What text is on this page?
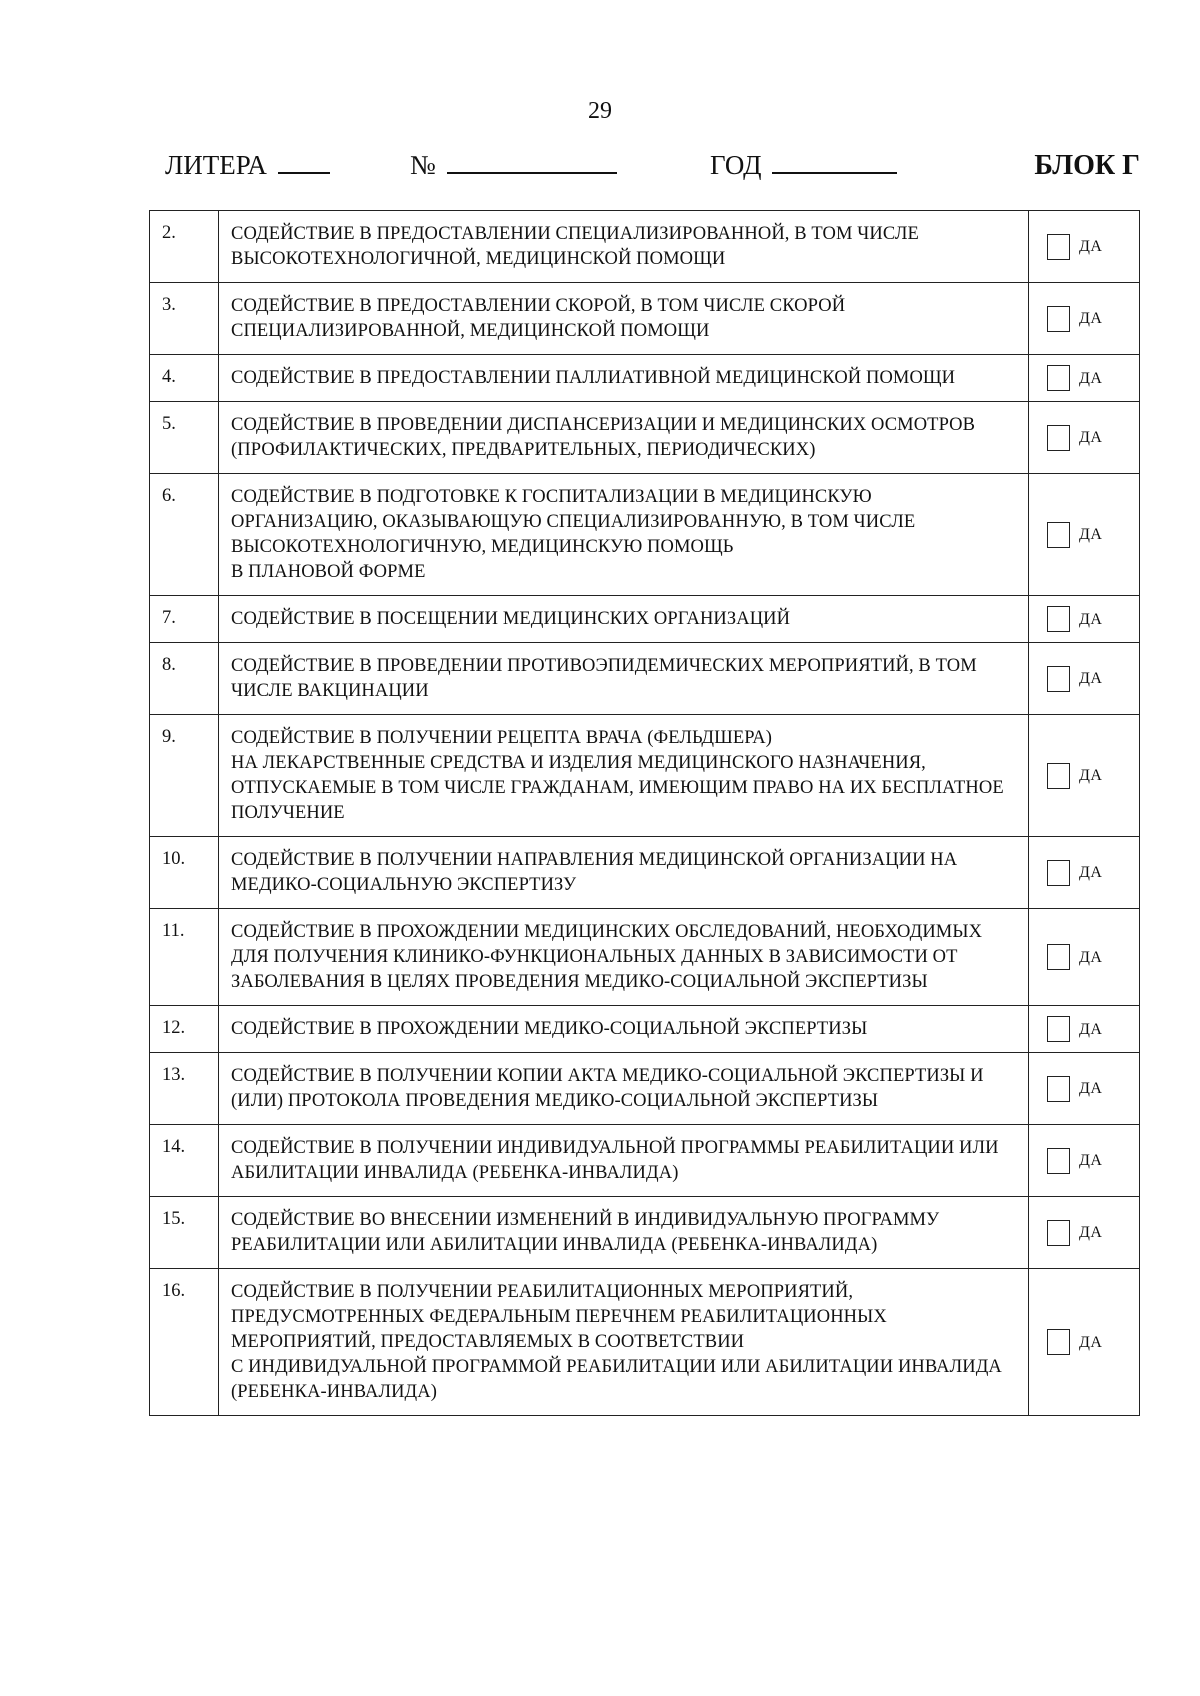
29
ЛИТЕРА	№	ГОД	БЛОК Г
2.	СОДЕЙСТВИЕ В ПРЕДОСТАВЛЕНИИ СПЕЦИАЛИЗИРОВАННОЙ, В ТОМ ЧИСЛЕ
ВЫСОКОТЕХНОЛОГИЧНОЙ, МЕДИЦИНСКОЙ ПОМОЩИ	ДА

3.	СОДЕЙСТВИЕ В ПРЕДОСТАВЛЕНИИ СКОРОЙ, В ТОМ ЧИСЛЕ СКОРОЙ
СПЕЦИАЛИЗИРОВАННОЙ, МЕДИЦИНСКОЙ ПОМОЩИ	ДА

4.	СОДЕЙСТВИЕ В ПРЕДОСТАВЛЕНИИ ПАЛЛИАТИВНОЙ МЕДИЦИНСКОЙ ПОМОЩИ	ДА

5.	СОДЕЙСТВИЕ В ПРОВЕДЕНИИ ДИСПАНСЕРИЗАЦИИ И МЕДИЦИНСКИХ ОСМОТРОВ
(ПРОФИЛАКТИЧЕСКИХ, ПРЕДВАРИТЕЛЬНЫХ, ПЕРИОДИЧЕСКИХ)	ДА

6.	СОДЕЙСТВИЕ В ПОДГОТОВКЕ К ГОСПИТАЛИЗАЦИИ В МЕДИЦИНСКУЮ
ОРГАНИЗАЦИЮ, ОКАЗЫВАЮЩУЮ СПЕЦИАЛИЗИРОВАННУЮ, В ТОМ ЧИСЛЕ
ВЫСОКОТЕХНОЛОГИЧНУЮ, МЕДИЦИНСКУЮ ПОМОЩЬ
В ПЛАНОВОЙ ФОРМЕ	ДА

7.	СОДЕЙСТВИЕ В ПОСЕЩЕНИИ МЕДИЦИНСКИХ ОРГАНИЗАЦИЙ	ДА

8.	СОДЕЙСТВИЕ В ПРОВЕДЕНИИ ПРОТИВОЭПИДЕМИЧЕСКИХ МЕРОПРИЯТИЙ, В ТОМ
ЧИСЛЕ ВАКЦИНАЦИИ	ДА

9.	СОДЕЙСТВИЕ В ПОЛУЧЕНИИ РЕЦЕПТА ВРАЧА (ФЕЛЬДШЕРА)
НА ЛЕКАРСТВЕННЫЕ СРЕДСТВА И ИЗДЕЛИЯ МЕДИЦИНСКОГО НАЗНАЧЕНИЯ,
ОТПУСКАЕМЫЕ В ТОМ ЧИСЛЕ ГРАЖДАНАМ, ИМЕЮЩИМ ПРАВО НА ИХ БЕСПЛАТНОЕ
ПОЛУЧЕНИЕ	ДА

10.	СОДЕЙСТВИЕ В ПОЛУЧЕНИИ НАПРАВЛЕНИЯ МЕДИЦИНСКОЙ ОРГАНИЗАЦИИ НА
МЕДИКО-СОЦИАЛЬНУЮ ЭКСПЕРТИЗУ	ДА

11.	СОДЕЙСТВИЕ В ПРОХОЖДЕНИИ МЕДИЦИНСКИХ ОБСЛЕДОВАНИЙ, НЕОБХОДИМЫХ
ДЛЯ ПОЛУЧЕНИЯ КЛИНИКО-ФУНКЦИОНАЛЬНЫХ ДАННЫХ В ЗАВИСИМОСТИ ОТ
ЗАБОЛЕВАНИЯ В ЦЕЛЯХ ПРОВЕДЕНИЯ МЕДИКО-СОЦИАЛЬНОЙ ЭКСПЕРТИЗЫ	ДА

12.	СОДЕЙСТВИЕ В ПРОХОЖДЕНИИ МЕДИКО-СОЦИАЛЬНОЙ ЭКСПЕРТИЗЫ	ДА

13.	СОДЕЙСТВИЕ В ПОЛУЧЕНИИ КОПИИ АКТА МЕДИКО-СОЦИАЛЬНОЙ ЭКСПЕРТИЗЫ И
(ИЛИ) ПРОТОКОЛА ПРОВЕДЕНИЯ МЕДИКО-СОЦИАЛЬНОЙ ЭКСПЕРТИЗЫ	ДА

14.	СОДЕЙСТВИЕ В ПОЛУЧЕНИИ ИНДИВИДУАЛЬНОЙ ПРОГРАММЫ РЕАБИЛИТАЦИИ ИЛИ
АБИЛИТАЦИИ ИНВАЛИДА (РЕБЕНКА-ИНВАЛИДА)	ДА

15.	СОДЕЙСТВИЕ ВО ВНЕСЕНИИ ИЗМЕНЕНИЙ В ИНДИВИДУАЛЬНУЮ ПРОГРАММУ
РЕАБИЛИТАЦИИ ИЛИ АБИЛИТАЦИИ ИНВАЛИДА (РЕБЕНКА-ИНВАЛИДА)	ДА

16.	СОДЕЙСТВИЕ В ПОЛУЧЕНИИ РЕАБИЛИТАЦИОННЫХ МЕРОПРИЯТИЙ,
ПРЕДУСМОТРЕННЫХ ФЕДЕРАЛЬНЫМ ПЕРЕЧНЕМ РЕАБИЛИТАЦИОННЫХ
МЕРОПРИЯТИЙ, ПРЕДОСТАВЛЯЕМЫХ В СООТВЕТСТВИИ
С ИНДИВИДУАЛЬНОЙ ПРОГРАММОЙ РЕАБИЛИТАЦИИ ИЛИ АБИЛИТАЦИИ ИНВАЛИДА
(РЕБЕНКА-ИНВАЛИДА)	ДА
